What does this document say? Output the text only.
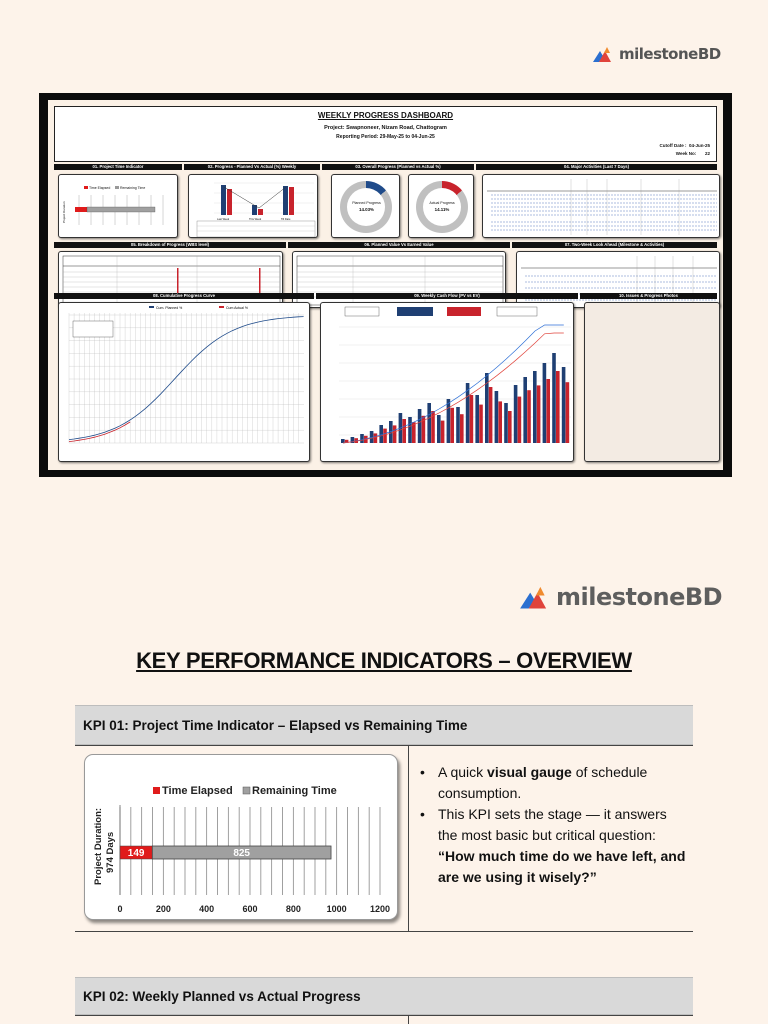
milestoneBD
WEEKLY PROGRESS DASHBOARD
Project: Swapnoneer, Nizam Road, Chattogram
Reporting Period: 29-May-25 to 04-Jun-25
Cutoff Date : 04-Jun-25
Week No: 22
01. Project Time Indicator	02. Progress - Planned Vs Actual (%) Weekly	03. Overall Progress (Planned vs Actual %)	04. Major Activities (Last 7 Days)
Time Elapsed	Remaining Time
Project Duration	Last Week	This Week	Till Date
Planned Progress
14.03%
Actual Progress
14.11%
05. Breakdown of Progress (WBS level)	06. Planned Value Vs Earned Value	07. Two-Week Look Ahead (Milestone & Activities)
08. Cumulative Progress Curve	09. Weekly Cash Flow (PV vs EV)	10. Issues & Progress Photos
Cum. Planned %	Cum Actual %
milestoneBD
KEY PERFORMANCE INDICATORS – OVERVIEW
KPI 01: Project Time Indicator – Elapsed vs Remaining Time
Time Elapsed Remaining Time
149	825
0	200	400	600	800	1000	1200
Project Duration: 974 Days
• A quick visual gauge of schedule consumption.
• This KPI sets the stage — it answers the most basic but critical question: “How much time do we have left, and are we using it wisely?”
KPI 02: Weekly Planned vs Actual Progress
